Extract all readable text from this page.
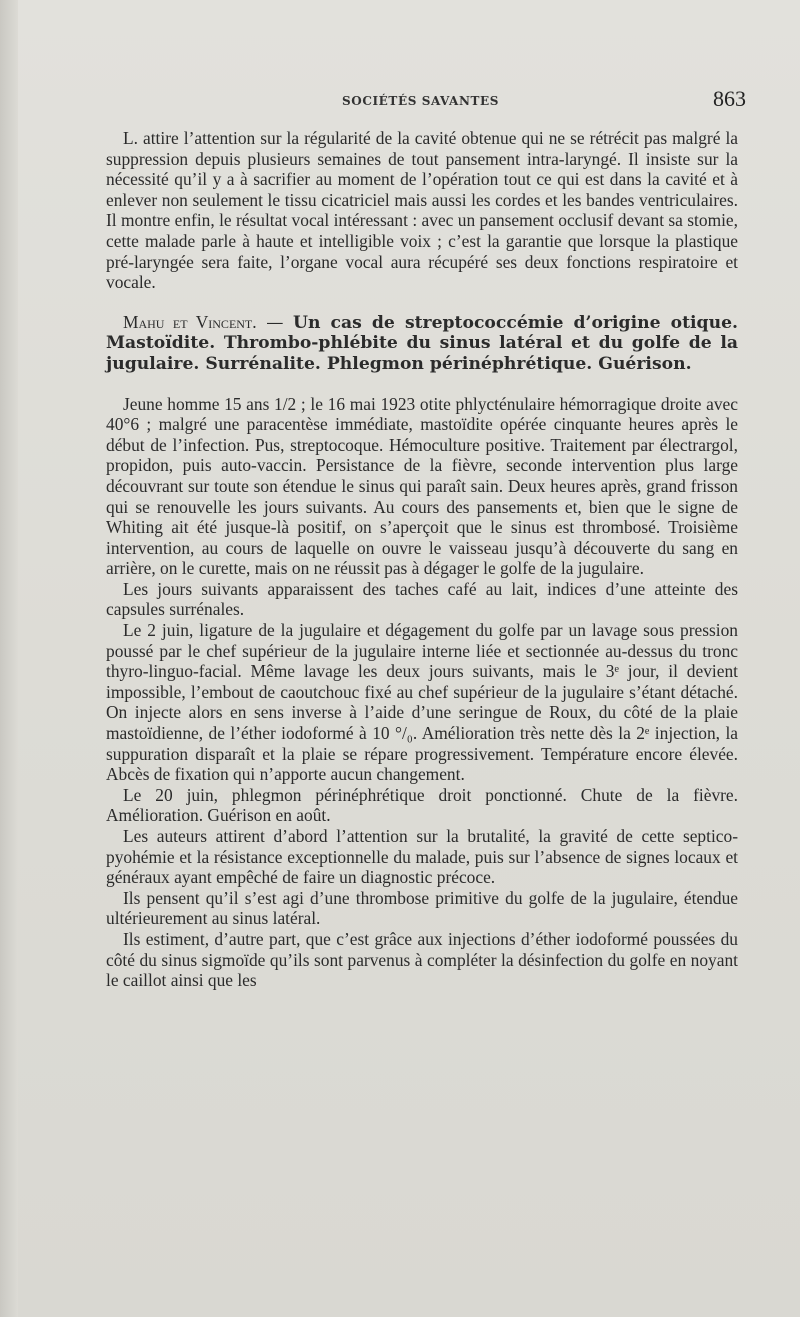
SOCIÉTÉS SAVANTES	863

L. attire l’attention sur la régularité de la cavité obtenue qui ne se rétrécit pas malgré la suppression depuis plusieurs semaines de tout pansement intra-laryngé. Il insiste sur la nécessité qu’il y a à sacrifier au moment de l’opération tout ce qui est dans la cavité et à enlever non seulement le tissu cicatriciel mais aussi les cordes et les bandes ventriculaires. Il montre enfin, le résultat vocal intéressant : avec un pansement occlusif devant sa stomie, cette malade parle à haute et intelligible voix ; c’est la garantie que lorsque la plastique pré-laryngée sera faite, l’organe vocal aura récupéré ses deux fonctions respiratoire et vocale.

Mahu et Vincent. — Un cas de streptococcémie d’origine otique. Mastoïdite. Thrombo-phlébite du sinus latéral et du golfe de la jugulaire. Surrénalite. Phlegmon périnéphrétique. Guérison.

Jeune homme 15 ans 1/2 ; le 16 mai 1923 otite phlycténulaire hémorragique droite avec 40°6 ; malgré une paracentèse immédiate, mastoïdite opérée cinquante heures après le début de l’infection. Pus, streptocoque. Hémoculture positive. Traitement par électrargol, propidon, puis auto-vaccin. Persistance de la fièvre, seconde intervention plus large découvrant sur toute son étendue le sinus qui paraît sain. Deux heures après, grand frisson qui se renouvelle les jours suivants. Au cours des pansements et, bien que le signe de Whiting ait été jusque-là positif, on s’aperçoit que le sinus est thrombosé. Troisième intervention, au cours de laquelle on ouvre le vaisseau jusqu’à découverte du sang en arrière, on le curette, mais on ne réussit pas à dégager le golfe de la jugulaire.

Les jours suivants apparaissent des taches café au lait, indices d’une atteinte des capsules surrénales.

Le 2 juin, ligature de la jugulaire et dégagement du golfe par un lavage sous pression poussé par le chef supérieur de la jugulaire interne liée et sectionnée au-dessus du tronc thyro-linguo-facial. Même lavage les deux jours suivants, mais le 3ᵉ jour, il devient impossible, l’embout de caoutchouc fixé au chef supérieur de la jugulaire s’étant détaché. On injecte alors en sens inverse à l’aide d’une seringue de Roux, du côté de la plaie mastoïdienne, de l’éther iodoformé à 10 °/₀. Amélioration très nette dès la 2ᵉ injection, la suppuration disparaît et la plaie se répare progressivement. Température encore élevée. Abcès de fixation qui n’apporte aucun changement.

Le 20 juin, phlegmon périnéphrétique droit ponctionné. Chute de la fièvre. Amélioration. Guérison en août.

Les auteurs attirent d’abord l’attention sur la brutalité, la gravité de cette septico-pyohémie et la résistance exceptionnelle du malade, puis sur l’absence de signes locaux et généraux ayant empêché de faire un diagnostic précoce.

Ils pensent qu’il s’est agi d’une thrombose primitive du golfe de la jugulaire, étendue ultérieurement au sinus latéral.

Ils estiment, d’autre part, que c’est grâce aux injections d’éther iodoformé poussées du côté du sinus sigmoïde qu’ils sont parvenus à compléter la désinfection du golfe en noyant le caillot ainsi que les
